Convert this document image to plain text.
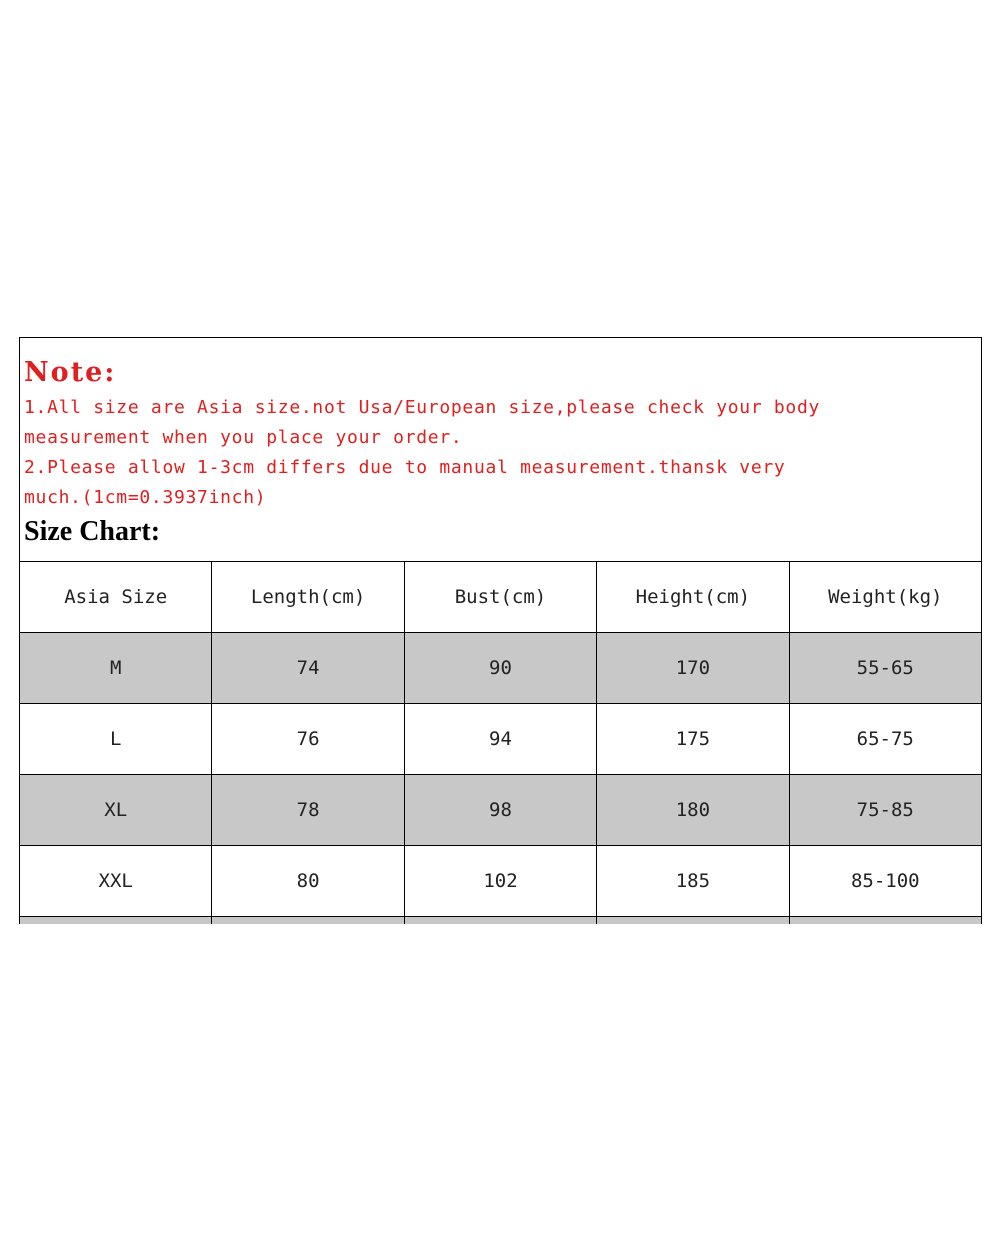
Note:
1.All size are Asia size.not Usa/European size,please check your body
measurement when you place your order.
2.Please allow 1-3cm differs due to manual measurement.thansk very
much.(1cm=0.3937inch)
Size Chart:
Asia Size	Length(cm)	Bust(cm)	Height(cm)	Weight(kg)
M	74	90	170	55-65
L	76	94	175	65-75
XL	78	98	180	75-85
XXL	80	102	185	85-100
